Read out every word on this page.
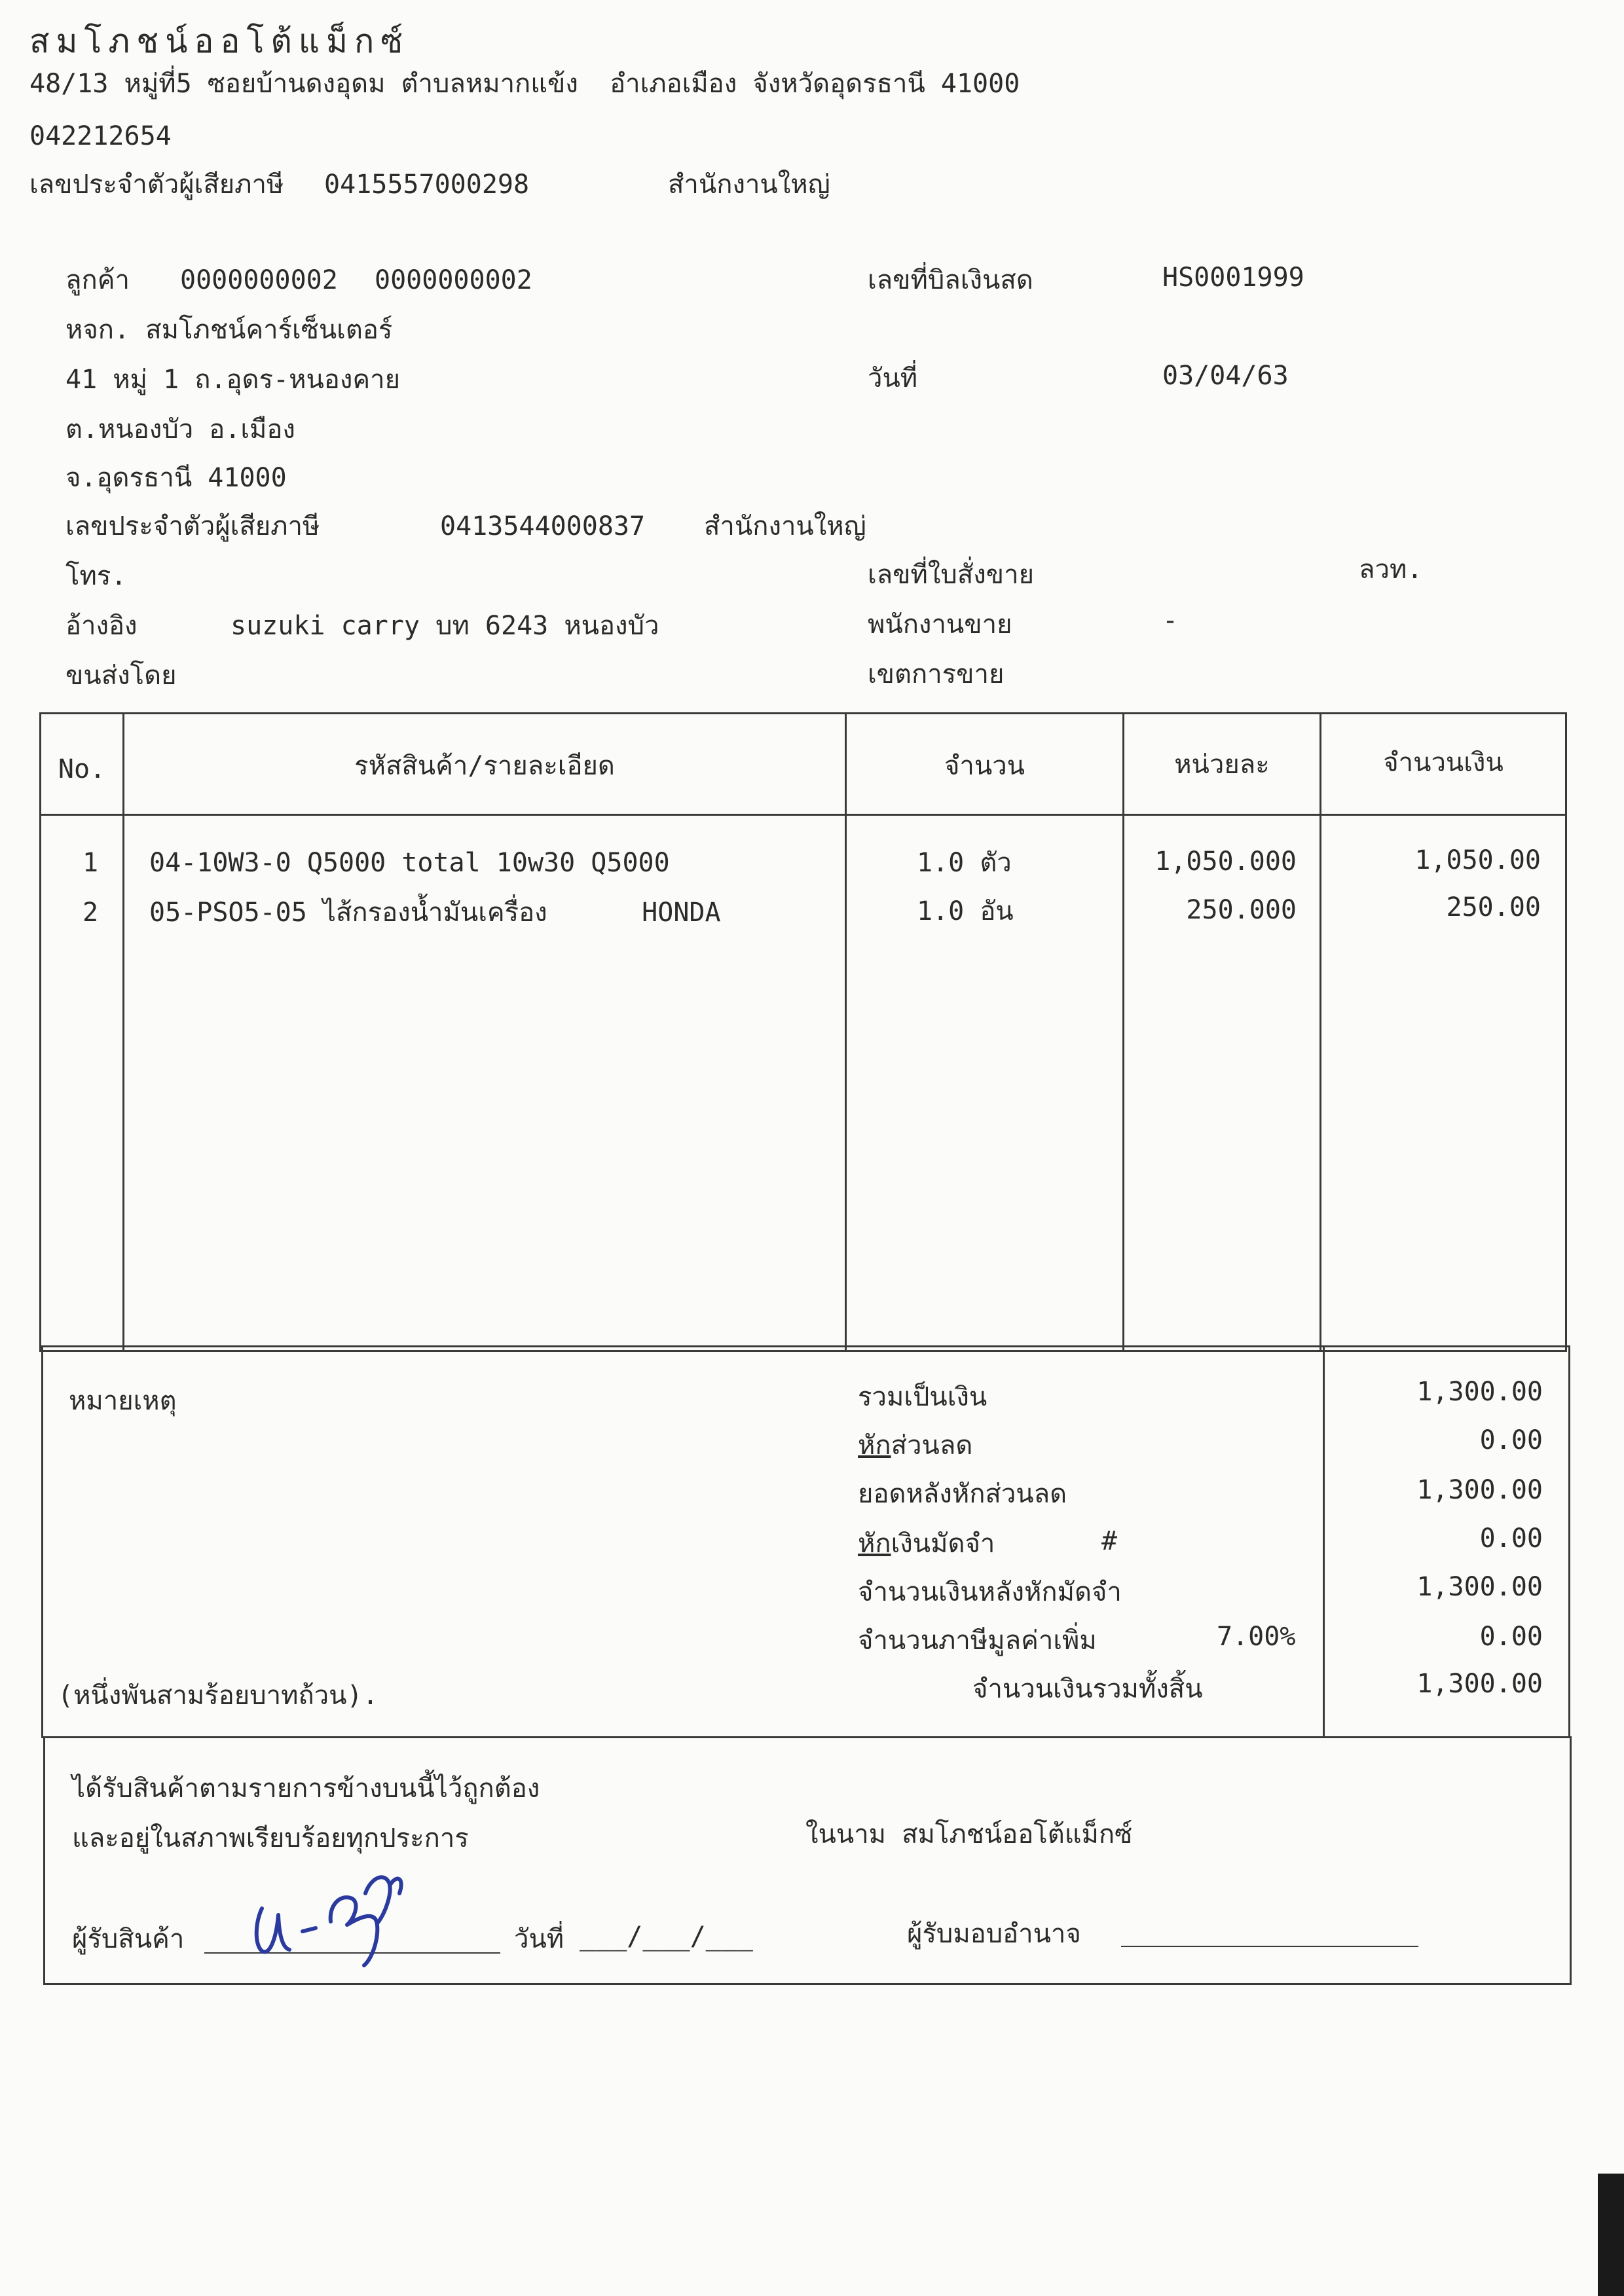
สมโภชน์ออโต้แม็กซ์
48/13 หมู่ที่5 ซอยบ้านดงอุดม ตำบลหมากแข้ง  อำเภอเมือง จังหวัดอุดรธานี 41000
042212654
เลขประจำตัวผู้เสียภาษี 0415557000298	สำนักงานใหญ่
ลูกค้า 0000000002 0000000002
หจก. สมโภชน์คาร์เซ็นเตอร์
41 หมู่ 1 ถ.อุดร-หนองคาย
ต.หนองบัว อ.เมือง
จ.อุดรธานี 41000
เลขประจำตัวผู้เสียภาษี	0413544000837 สำนักงานใหญ่
โทร.
อ้างอิง	suzuki carry บท 6243 หนองบัว
ขนส่งโดย
เลขที่บิลเงินสด	HS0001999
วันที่	03/04/63
เลขที่ใบสั่งขาย	ลวท.
พนักงานขาย	-
เขตการขาย
No.	รหัสสินค้า/รายละเอียด	จำนวน	หน่วยละ	จำนวนเงิน
1	04-10W3-0 Q5000 total 10w30 Q5000	1.0 ตัว	1,050.000	1,050.00
2	05-PSO5-05 ไส้กรองน้ำมันเครื่อง      HONDA	1.0 อัน	250.000	250.00
หมายเหตุ
(หนึ่งพันสามร้อยบาทถ้วน).
รวมเป็นเงิน	1,300.00
หักส่วนลด	0.00
ยอดหลังหักส่วนลด	1,300.00
หักเงินมัดจำ	#	0.00
จำนวนเงินหลังหักมัดจำ	1,300.00
จำนวนภาษีมูลค่าเพิ่ม	7.00%	0.00
จำนวนเงินรวมทั้งสิ้น	1,300.00
ได้รับสินค้าตามรายการข้างบนนี้ไว้ถูกต้อง
และอยู่ในสภาพเรียบร้อยทุกประการ	ในนาม สมโภชน์ออโต้แม็กซ์
ผู้รับสินค้า	วันที่ ___/___/___	ผู้รับมอบอำนาจ
